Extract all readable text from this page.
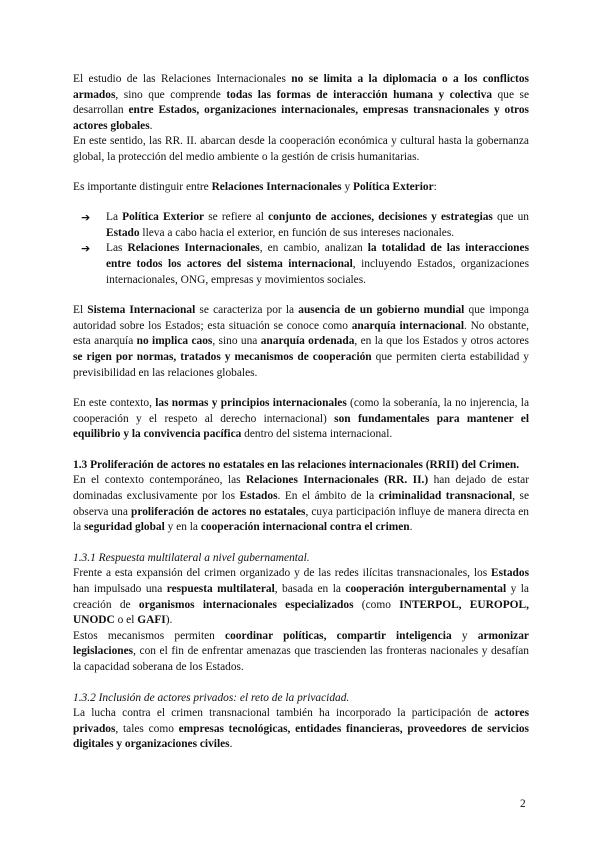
El estudio de las Relaciones Internacionales no se limita a la diplomacia o a los conflictos armados, sino que comprende todas las formas de interacción humana y colectiva que se desarrollan entre Estados, organizaciones internacionales, empresas transnacionales y otros actores globales.

En este sentido, las RR. II. abarcan desde la cooperación económica y cultural hasta la gobernanza global, la protección del medio ambiente o la gestión de crisis humanitarias.

Es importante distinguir entre Relaciones Internacionales y Política Exterior:

➔ La Política Exterior se refiere al conjunto de acciones, decisiones y estrategias que un Estado lleva a cabo hacia el exterior, en función de sus intereses nacionales.
➔ Las Relaciones Internacionales, en cambio, analizan la totalidad de las interacciones entre todos los actores del sistema internacional, incluyendo Estados, organizaciones internacionales, ONG, empresas y movimientos sociales.

El Sistema Internacional se caracteriza por la ausencia de un gobierno mundial que imponga autoridad sobre los Estados; esta situación se conoce como anarquía internacional. No obstante, esta anarquía no implica caos, sino una anarquía ordenada, en la que los Estados y otros actores se rigen por normas, tratados y mecanismos de cooperación que permiten cierta estabilidad y previsibilidad en las relaciones globales.

En este contexto, las normas y principios internacionales (como la soberanía, la no injerencia, la cooperación y el respeto al derecho internacional) son fundamentales para mantener el equilibrio y la convivencia pacífica dentro del sistema internacional.

1.3 Proliferación de actores no estatales en las relaciones internacionales (RRII) del Crimen.

En el contexto contemporáneo, las Relaciones Internacionales (RR. II.) han dejado de estar dominadas exclusivamente por los Estados. En el ámbito de la criminalidad transnacional, se observa una proliferación de actores no estatales, cuya participación influye de manera directa en la seguridad global y en la cooperación internacional contra el crimen.

1.3.1 Respuesta multilateral a nivel gubernamental.

Frente a esta expansión del crimen organizado y de las redes ilícitas transnacionales, los Estados han impulsado una respuesta multilateral, basada en la cooperación intergubernamental y la creación de organismos internacionales especializados (como INTERPOL, EUROPOL, UNODC o el GAFI).

Estos mecanismos permiten coordinar políticas, compartir inteligencia y armonizar legislaciones, con el fin de enfrentar amenazas que trascienden las fronteras nacionales y desafían la capacidad soberana de los Estados.

1.3.2 Inclusión de actores privados: el reto de la privacidad.

La lucha contra el crimen transnacional también ha incorporado la participación de actores privados, tales como empresas tecnológicas, entidades financieras, proveedores de servicios digitales y organizaciones civiles.

2
